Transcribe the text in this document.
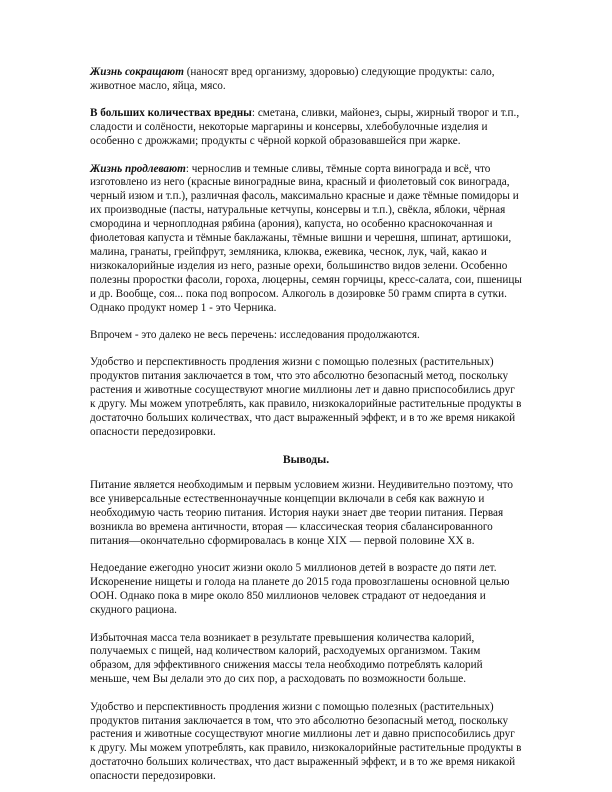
Жизнь сокращают (наносят вред организму, здоровью) следующие продукты: сало, животное масло, яйца, мясо.

В больших количествах вредны: сметана, сливки, майонез, сыры, жирный творог и т.п., сладости и солёности, некоторые маргарины и консервы, хлебобулочные изделия и особенно с дрожжами; продукты с чёрной коркой образовавшейся при жарке.

Жизнь продлевают: чернослив и темные сливы, тёмные сорта винограда и всё, что изготовлено из него (красные виноградные вина, красный и фиолетовый сок винограда, черный изюм и т.п.), различная фасоль, максимально красные и даже тёмные помидоры и их производные (пасты, натуральные кетчупы, консервы и т.п.), свёкла, яблоки, чёрная смородина и черноплодная рябина (арония), капуста, но особенно краснокочанная и фиолетовая капуста и тёмные баклажаны, тёмные вишни и черешня, шпинат, артишоки, малина, гранаты, грейпфрут, земляника, клюква, ежевика, чеснок, лук, чай, какао и низкокалорийные изделия из него, разные орехи, большинство видов зелени. Особенно полезны проростки фасоли, гороха, люцерны, семян горчицы, кресс-салата, сои, пшеницы и др. Вообще, соя... пока под вопросом. Алкоголь в дозировке 50 грамм спирта в сутки. Однако продукт номер 1 - это Черника.

Впрочем - это далеко не весь перечень: исследования продолжаются.

Удобство и перспективность продления жизни с помощью полезных (растительных) продуктов питания заключается в том, что это абсолютно безопасный метод, поскольку растения и животные сосуществуют многие миллионы лет и давно приспособились друг к другу. Мы можем употреблять, как правило, низкокалорийные растительные продукты в достаточно больших количествах, что даст выраженный эффект, и в то же время никакой опасности передозировки.

Выводы.

Питание является необходимым и первым условием жизни. Неудивительно поэтому, что все универсальные естественнонаучные концепции включали в себя как важную и необходимую часть теорию питания. История науки знает две теории питания. Первая возникла во времена античности, вторая — классическая теория сбалансированного питания—окончательно сформировалась в конце XIX — первой половине XX в.

Недоедание ежегодно уносит жизни около 5 миллионов детей в возрасте до пяти лет. Искоренение нищеты и голода на планете до 2015 года провозглашены основной целью ООН. Однако пока в мире около 850 миллионов человек страдают от недоедания и скудного рациона.

Избыточная масса тела возникает в результате превышения количества калорий, получаемых с пищей, над количеством калорий, расходуемых организмом. Таким образом, для эффективного снижения массы тела необходимо потреблять калорий меньше, чем Вы делали это до сих пор, а расходовать по возможности больше.

Удобство и перспективность продления жизни с помощью полезных (растительных) продуктов питания заключается в том, что это абсолютно безопасный метод, поскольку растения и животные сосуществуют многие миллионы лет и давно приспособились друг к другу. Мы можем употреблять, как правило, низкокалорийные растительные продукты в достаточно больших количествах, что даст выраженный эффект, и в то же время никакой опасности передозировки.
